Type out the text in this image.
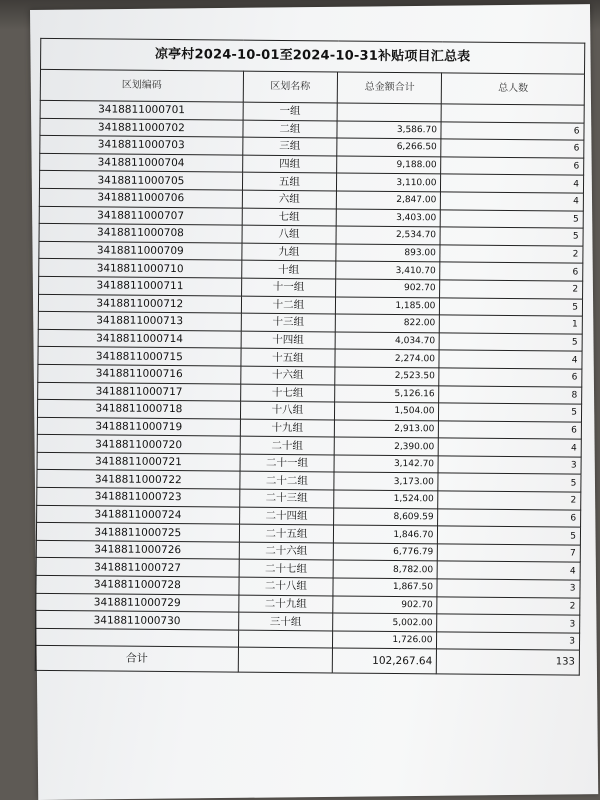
凉亭村2024-10-01至2024-10-31补贴项目汇总表			
区划编码	区划名称	总金额合计	总人数
3418811000701	一组		
3418811000702	二组	3,586.70	6
3418811000703	三组	6,266.50	6
3418811000704	四组	9,188.00	6
3418811000705	五组	3,110.00	4
3418811000706	六组	2,847.00	4
3418811000707	七组	3,403.00	5
3418811000708	八组	2,534.70	5
3418811000709	九组	893.00	2
3418811000710	十组	3,410.70	6
3418811000711	十一组	902.70	2
3418811000712	十二组	1,185.00	5
3418811000713	十三组	822.00	1
3418811000714	十四组	4,034.70	5
3418811000715	十五组	2,274.00	4
3418811000716	十六组	2,523.50	6
3418811000717	十七组	5,126.16	8
3418811000718	十八组	1,504.00	5
3418811000719	十九组	2,913.00	6
3418811000720	二十组	2,390.00	4
3418811000721	二十一组	3,142.70	3
3418811000722	二十二组	3,173.00	5
3418811000723	二十三组	1,524.00	2
3418811000724	二十四组	8,609.59	6
3418811000725	二十五组	1,846.70	5
3418811000726	二十六组	6,776.79	7
3418811000727	二十七组	8,782.00	4
3418811000728	二十八组	1,867.50	3
3418811000729	二十九组	902.70	2
3418811000730	三十组	5,002.00	3
		1,726.00	3
合计		102,267.64	133
